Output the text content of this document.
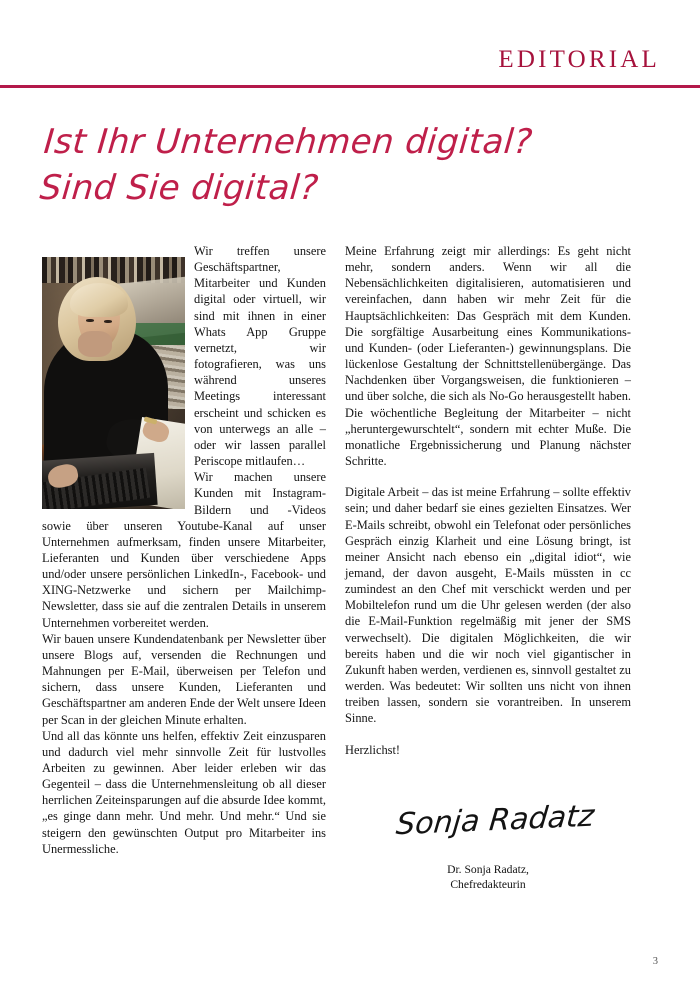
EDITORIAL
Ist Ihr Unternehmen digital?
Sind Sie digital?

Wir treffen unsere Geschäftspartner, Mitarbeiter und Kunden digital oder virtuell, wir sind mit ihnen in einer Whats App Gruppe vernetzt, wir fotografieren, was uns während unseres Meetings interessant erscheint und schicken es von unterwegs an alle – oder wir lassen parallel Periscope mitlaufen…

Wir machen unsere Kunden mit Instagram-Bildern und -Videos sowie über unseren Youtube-Kanal auf unser Unternehmen aufmerksam, finden unsere Mitarbeiter, Lieferanten und Kunden über verschiedene Apps und/oder unsere persönlichen LinkedIn-, Facebook- und XING-Netzwerke und sichern per Mailchimp-Newsletter, dass sie auf die zentralen Details in unserem Unternehmen vorbereitet werden.

Wir bauen unsere Kundendatenbank per Newsletter über unsere Blogs auf, versenden die Rechnungen und Mahnungen per E-Mail, überweisen per Telefon und sichern, dass unsere Kunden, Lieferanten und Geschäftspartner am anderen Ende der Welt unsere Ideen per Scan in der gleichen Minute erhalten.

Und all das könnte uns helfen, effektiv Zeit einzusparen und dadurch viel mehr sinnvolle Zeit für lustvolles Arbeiten zu gewinnen. Aber leider erleben wir das Gegenteil – dass die Unternehmensleitung ob all dieser herrlichen Zeiteinsparungen auf die absurde Idee kommt, „es ginge dann mehr. Und mehr. Und mehr.“ Und sie steigern den gewünschten Output pro Mitarbeiter ins Unermessliche.

Meine Erfahrung zeigt mir allerdings: Es geht nicht mehr, sondern anders. Wenn wir all die Nebensächlichkeiten digitalisieren, automatisieren und vereinfachen, dann haben wir mehr Zeit für die Hauptsächlichkeiten: Das Gespräch mit dem Kunden. Die sorgfältige Ausarbeitung eines Kommunikations- und Kunden- (oder Lieferanten-) gewinnungsplans. Die lückenlose Gestaltung der Schnittstellenübergänge. Das Nachdenken über Vorgangsweisen, die funktionieren – und über solche, die sich als No-Go herausgestellt haben. Die wöchentliche Begleitung der Mitarbeiter – nicht „heruntergewurschtelt“, sondern mit echter Muße. Die monatliche Ergebnissicherung und Planung nächster Schritte.

Digitale Arbeit – das ist meine Erfahrung – sollte effektiv sein; und daher bedarf sie eines gezielten Einsatzes. Wer E-Mails schreibt, obwohl ein Telefonat oder persönliches Gespräch einzig Klarheit und eine Lösung bringt, ist meiner Ansicht nach ebenso ein „digital idiot“, wie jemand, der davon ausgeht, E-Mails müssten in cc zumindest an den Chef mit verschickt werden und per Mobiltelefon rund um die Uhr gelesen werden (der also die E-Mail-Funktion regelmäßig mit jener der SMS verwechselt). Die digitalen Möglichkeiten, die wir bereits haben und die wir noch viel gigantischer in Zukunft haben werden, verdienen es, sinnvoll gestaltet zu werden. Was bedeutet: Wir sollten uns nicht von ihnen treiben lassen, sondern sie vorantreiben. In unserem Sinne.

Herzlichst!

Sonja Radatz
Dr. Sonja Radatz,
Chefredakteurin
3
